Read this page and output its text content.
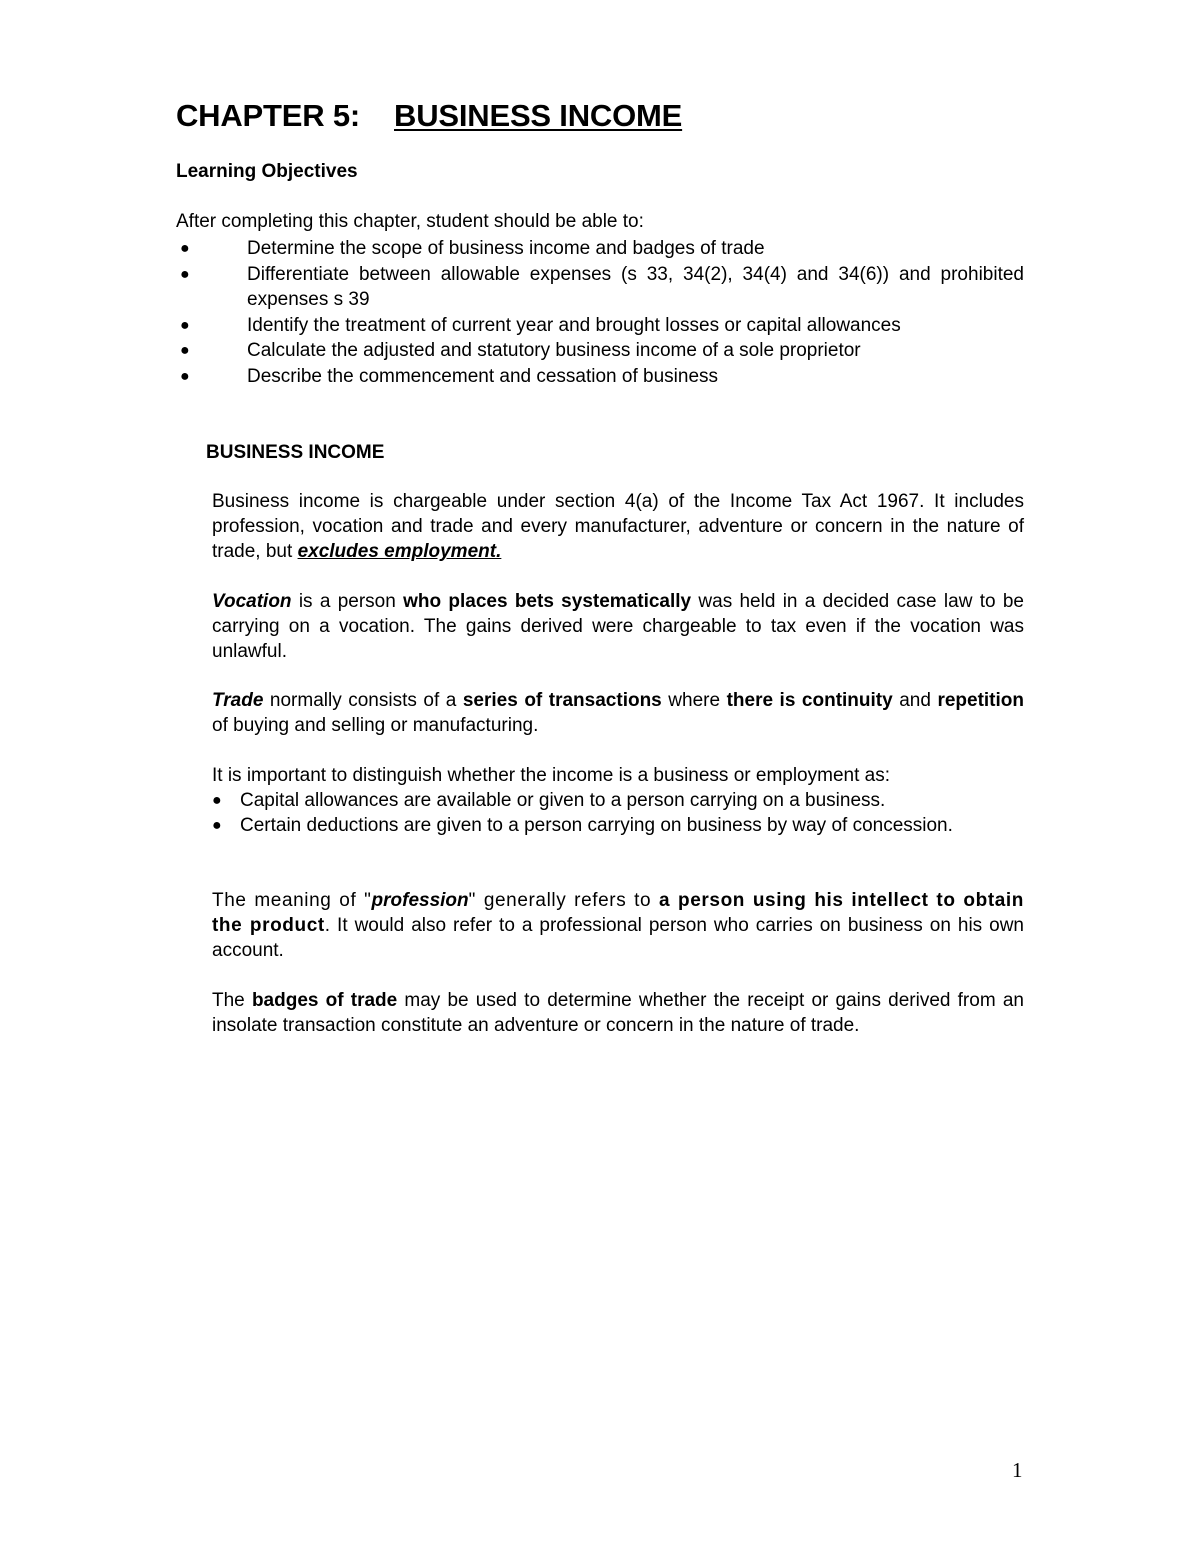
CHAPTER 5: BUSINESS INCOME
Learning Objectives

After completing this chapter, student should be able to:

●	Determine the scope of business income and badges of trade
●	Differentiate between allowable expenses (s 33, 34(2), 34(4) and 34(6)) and prohibited expenses s 39
●	Identify the treatment of current year and brought losses or capital allowances
●	Calculate the adjusted and statutory business income of a sole proprietor
●	Describe the commencement and cessation of business
BUSINESS INCOME

Business income is chargeable under section 4(a) of the Income Tax Act 1967. It includes profession, vocation and trade and every manufacturer, adventure or concern in the nature of trade, but excludes employment.

Vocation is a person who places bets systematically was held in a decided case law to be carrying on a vocation. The gains derived were chargeable to tax even if the vocation was unlawful.

Trade normally consists of a series of transactions where there is continuity and repetition of buying and selling or manufacturing.

It is important to distinguish whether the income is a business or employment as:

● Capital allowances are available or given to a person carrying on a business.
● Certain deductions are given to a person carrying on business by way of concession.

The meaning of "profession" generally refers to a person using his intellect to obtain the product. It would also refer to a professional person who carries on business on his own account.

The badges of trade may be used to determine whether the receipt or gains derived from an insolate transaction constitute an adventure or concern in the nature of trade.

1
